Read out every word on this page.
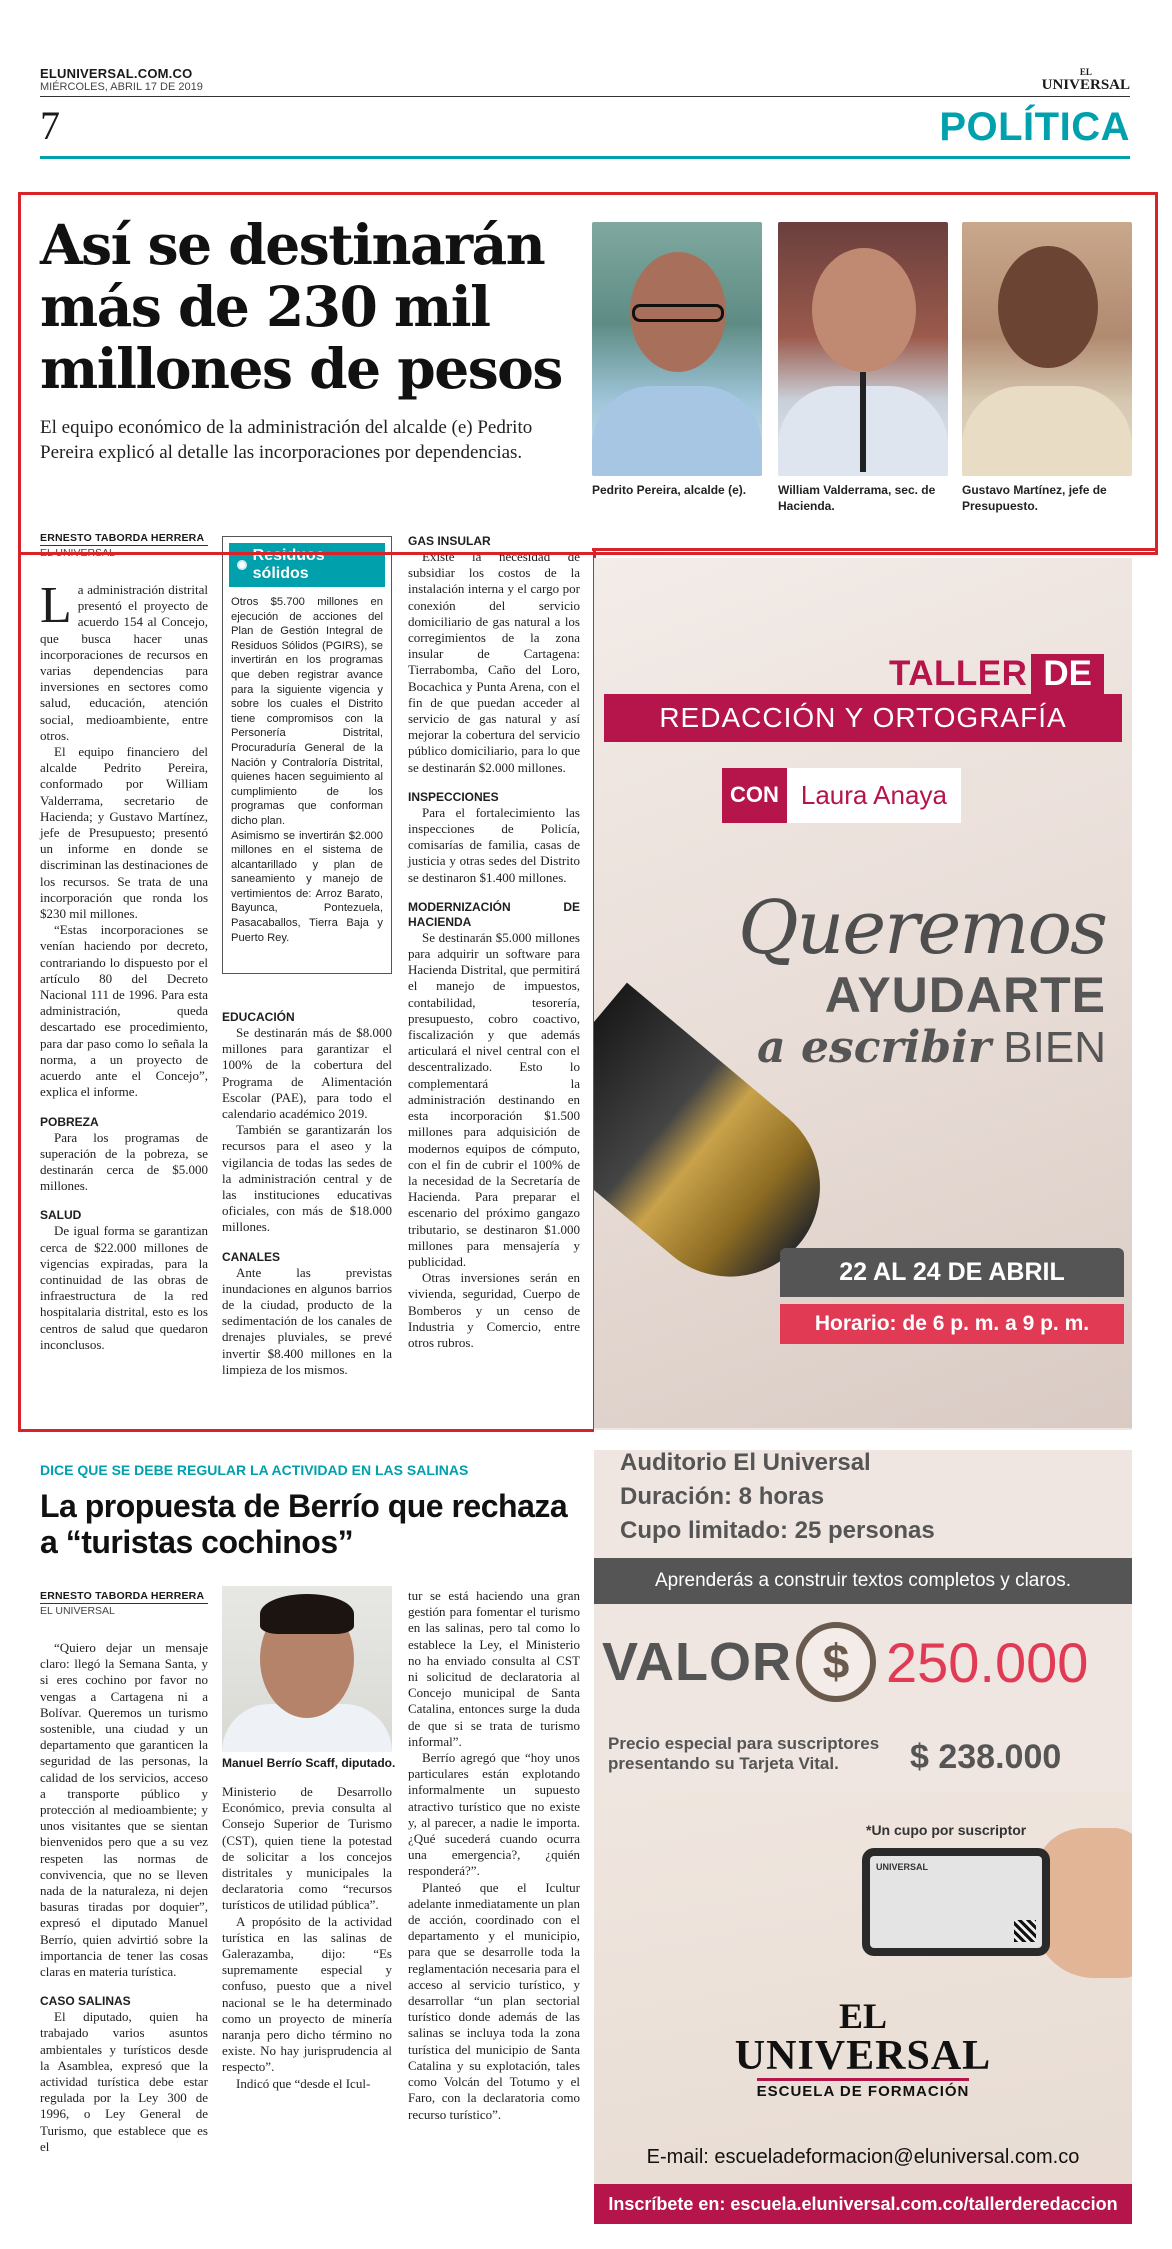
ELUNIVERSAL.COM.CO
MIÉRCOLES, ABRIL 17 DE 2019
EL
UNIVERSAL
7	POLÍTICA
Así se destinarán más de 230 mil millones de pesos

El equipo económico de la administración del alcalde (e) Pedrito Pereira explicó al detalle las incorporaciones por dependencias.

Pedrito Pereira, alcalde (e).	William Valderrama, sec. de Hacienda.
Gustavo Martínez, jefe de Presupuesto.
ERNESTO TABORDA HERRERA
EL UNIVERSAL

La administración distrital presentó el proyecto de acuerdo 154 al Concejo, que busca hacer unas incorporaciones de recursos en varias dependencias para inversiones en sectores como salud, educación, atención social, medioambiente, entre otros.

El equipo financiero del alcalde Pedrito Pereira, conformado por William Valderrama, secretario de Hacienda; y Gustavo Martínez, jefe de Presupuesto; presentó un informe en donde se discriminan las destinaciones de los recursos. Se trata de una incorporación que ronda los $230 mil millones.

“Estas incorporaciones se venían haciendo por decreto, contrariando lo dispuesto por el artículo 80 del Decreto Nacional 111 de 1996. Para esta administración, queda descartado ese procedimiento, para dar paso como lo señala la norma, a un proyecto de acuerdo ante el Concejo”, explica el informe.

POBREZA

Para los programas de superación de la pobreza, se destinarán cerca de $5.000 millones.

SALUD

De igual forma se garantizan cerca de $22.000 millones de vigencias expiradas, para la continuidad de las obras de infraestructura de la red hospitalaria distrital, esto es los centros de salud que quedaron inconclusos.

Residuos sólidos

Otros $5.700 millones en ejecución de acciones del Plan de Gestión Integral de Residuos Sólidos (PGIRS), se invertirán en los programas que deben registrar avance para la siguiente vigencia y sobre los cuales el Distrito tiene compromisos con la Personería Distrital, Procuraduría General de la Nación y Contraloría Distrital, quienes hacen seguimiento al cumplimiento de los programas que conforman dicho plan.

Asimismo se invertirán $2.000 millones en el sistema de alcantarillado y plan de saneamiento y manejo de vertimientos de: Arroz Barato, Bayunca, Pontezuela, Pasacaballos, Tierra Baja y Puerto Rey.

EDUCACIÓN

Se destinarán más de $8.000 millones para garantizar el 100% de la cobertura del Programa de Alimentación Escolar (PAE), para todo el calendario académico 2019.

También se garantizarán los recursos para el aseo y la vigilancia de todas las sedes de la administración central y de las instituciones educativas oficiales, con más de $18.000 millones.

CANALES

Ante las previstas inundaciones en algunos barrios de la ciudad, producto de la sedimentación de los canales de drenajes pluviales, se prevé invertir $8.400 millones en la limpieza de los mismos.

GAS INSULAR

Existe la necesidad de subsidiar los costos de la instalación interna y el cargo por conexión del servicio domiciliario de gas natural a los corregimientos de la zona insular de Cartagena: Tierrabomba, Caño del Loro, Bocachica y Punta Arena, con el fin de que puedan acceder al servicio de gas natural y así mejorar la cobertura del servicio público domiciliario, para lo que se destinarán $2.000 millones.

INSPECCIONES

Para el fortalecimiento las inspecciones de Policía, comisarías de familia, casas de justicia y otras sedes del Distrito se destinaron $1.400 millones.

MODERNIZACIÓN DE HACIENDA

Se destinarán $5.000 millones para adquirir un software para Hacienda Distrital, que permitirá el manejo de impuestos, contabilidad, tesorería, presupuesto, cobro coactivo, fiscalización y que además articulará el nivel central con el descentralizado. Esto lo complementará la administración destinando en esta incorporación $1.500 millones para adquisición de modernos equipos de cómputo, con el fin de cubrir el 100% de la necesidad de la Secretaría de Hacienda. Para preparar el escenario del próximo gangazo tributario, se destinaron $1.000 millones para mensajería y publicidad.

Otras inversiones serán en vivienda, seguridad, Cuerpo de Bomberos y un censo de Industria y Comercio, entre otros rubros.

DICE QUE SE DEBE REGULAR LA ACTIVIDAD EN LAS SALINAS
La propuesta de Berrío que rechaza a “turistas cochinos”
ERNESTO TABORDA HERRERA
EL UNIVERSAL
Manuel Berrío Scaff, diputado.

“Quiero dejar un mensaje claro: llegó la Semana Santa, y si eres cochino por favor no vengas a Cartagena ni a Bolívar. Queremos un turismo sostenible, una ciudad y un departamento que garanticen la seguridad de las personas, la calidad de los servicios, acceso a transporte público y protección al medioambiente; y unos visitantes que se sientan bienvenidos pero que a su vez respeten las normas de convivencia, que no se lleven nada de la naturaleza, ni dejen basuras tiradas por doquier”, expresó el diputado Manuel Berrío, quien advirtió sobre la importancia de tener las cosas claras en materia turística.

CASO SALINAS

El diputado, quien ha trabajado varios asuntos ambientales y turísticos desde la Asamblea, expresó que la actividad turística debe estar regulada por la Ley 300 de 1996, o Ley General de Turismo, que establece que es el

Ministerio de Desarrollo Económico, previa consulta al Consejo Superior de Turismo (CST), quien tiene la potestad de solicitar a los concejos distritales y municipales la declaratoria como “recursos turísticos de utilidad pública”.

A propósito de la actividad turística en las salinas de Galerazamba, dijo: “Es supremamente especial y confuso, puesto que a nivel nacional se le ha determinado como un proyecto de minería naranja pero dicho término no existe. No hay jurisprudencia al respecto”.

Indicó que “desde el Icul-

tur se está haciendo una gran gestión para fomentar el turismo en las salinas, pero tal como lo establece la Ley, el Ministerio no ha enviado consulta al CST ni solicitud de declaratoria al Concejo municipal de Santa Catalina, entonces surge la duda de que si se trata de turismo informal”.

Berrío agregó que “hoy unos particulares están explotando informalmente un supuesto atractivo turístico que no existe y, al parecer, a nadie le importa. ¿Qué sucederá cuando ocurra una emergencia?, ¿quién responderá?”.

Planteó que el Icultur adelante inmediatamente un plan de acción, coordinado con el departamento y el municipio, para que se desarrolle toda la reglamentación necesaria para el acceso al servicio turístico, y desarrollar “un plan sectorial turístico donde además de las salinas se incluya toda la zona turística del municipio de Santa Catalina y su explotación, tales como Volcán del Totumo y el Faro, con la declaratoria como recurso turístico”.

TALLER DE
REDACCIÓN Y ORTOGRAFÍA
CON Laura Anaya
Queremos
AYUDARTE
a escribir BIEN
22 AL 24 DE ABRIL
Horario: de 6 p. m. a 9 p. m.
Auditorio El Universal
Duración: 8 horas
Cupo limitado: 25 personas
Aprenderás a construir textos completos y claros.
VALOR $ 250.000
Precio especial para suscriptores presentando su Tarjeta Vital.	$ 238.000
*Un cupo por suscriptor
UNIVERSAL
EL
UNIVERSAL
ESCUELA DE FORMACIÓN
E-mail: escueladeformacion@eluniversal.com.co
Inscríbete en: escuela.eluniversal.com.co/tallerderedaccion
